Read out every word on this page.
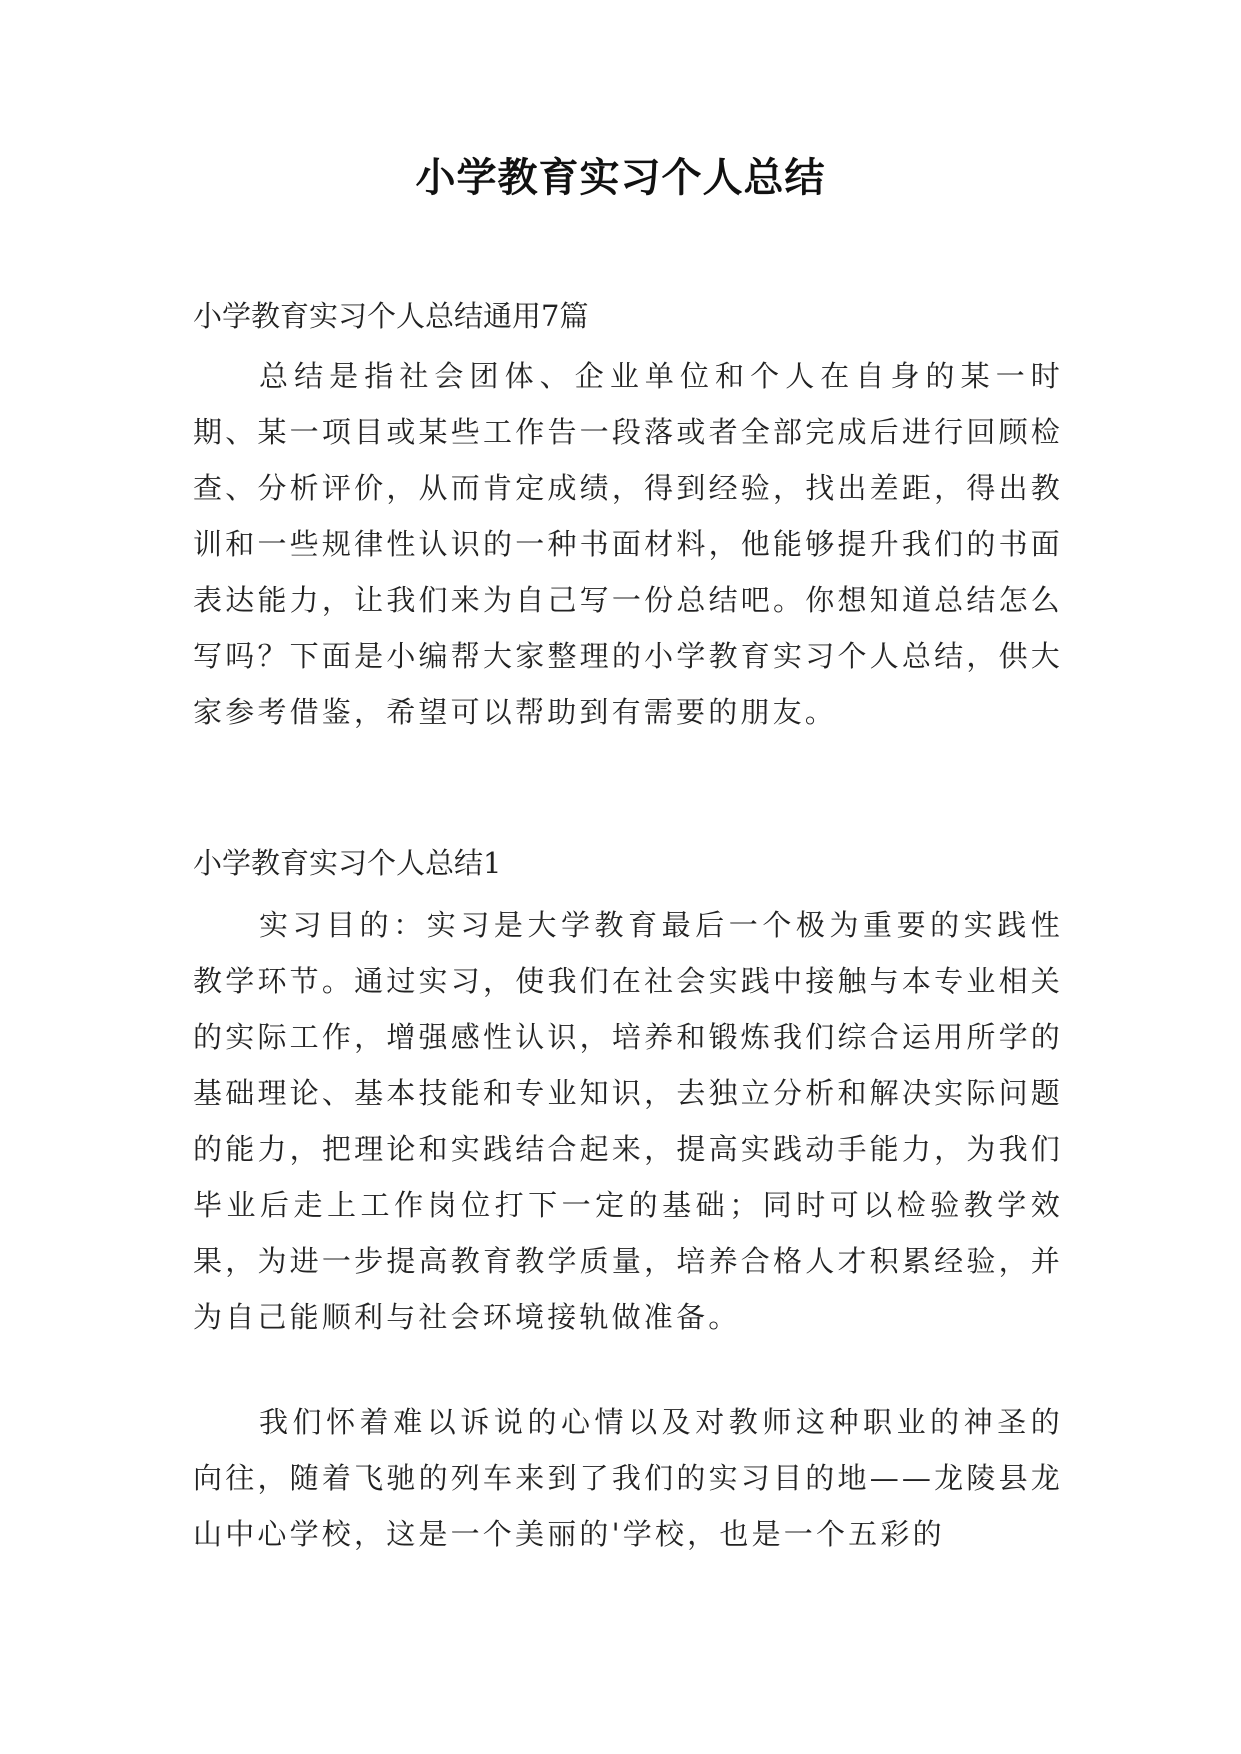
小学教育实习个人总结
小学教育实习个人总结通用7篇

总结是指社会团体、企业单位和个人在自身的某一时期、某一项目或某些工作告一段落或者全部完成后进行回顾检查、分析评价，从而肯定成绩，得到经验，找出差距，得出教训和一些规律性认识的一种书面材料，他能够提升我们的书面表达能力，让我们来为自己写一份总结吧。你想知道总结怎么写吗？下面是小编帮大家整理的小学教育实习个人总结，供大家参考借鉴，希望可以帮助到有需要的朋友。

小学教育实习个人总结1

实习目的：实习是大学教育最后一个极为重要的实践性教学环节。通过实习，使我们在社会实践中接触与本专业相关的实际工作，增强感性认识，培养和锻炼我们综合运用所学的基础理论、基本技能和专业知识，去独立分析和解决实际问题的能力，把理论和实践结合起来，提高实践动手能力，为我们毕业后走上工作岗位打下一定的基础；同时可以检验教学效果，为进一步提高教育教学质量，培养合格人才积累经验，并为自己能顺利与社会环境接轨做准备。

我们怀着难以诉说的心情以及对教师这种职业的神圣的向往，随着飞驰的列车来到了我们的实习目的地——龙陵县龙山中心学校，这是一个美丽的'学校，也是一个五彩的
